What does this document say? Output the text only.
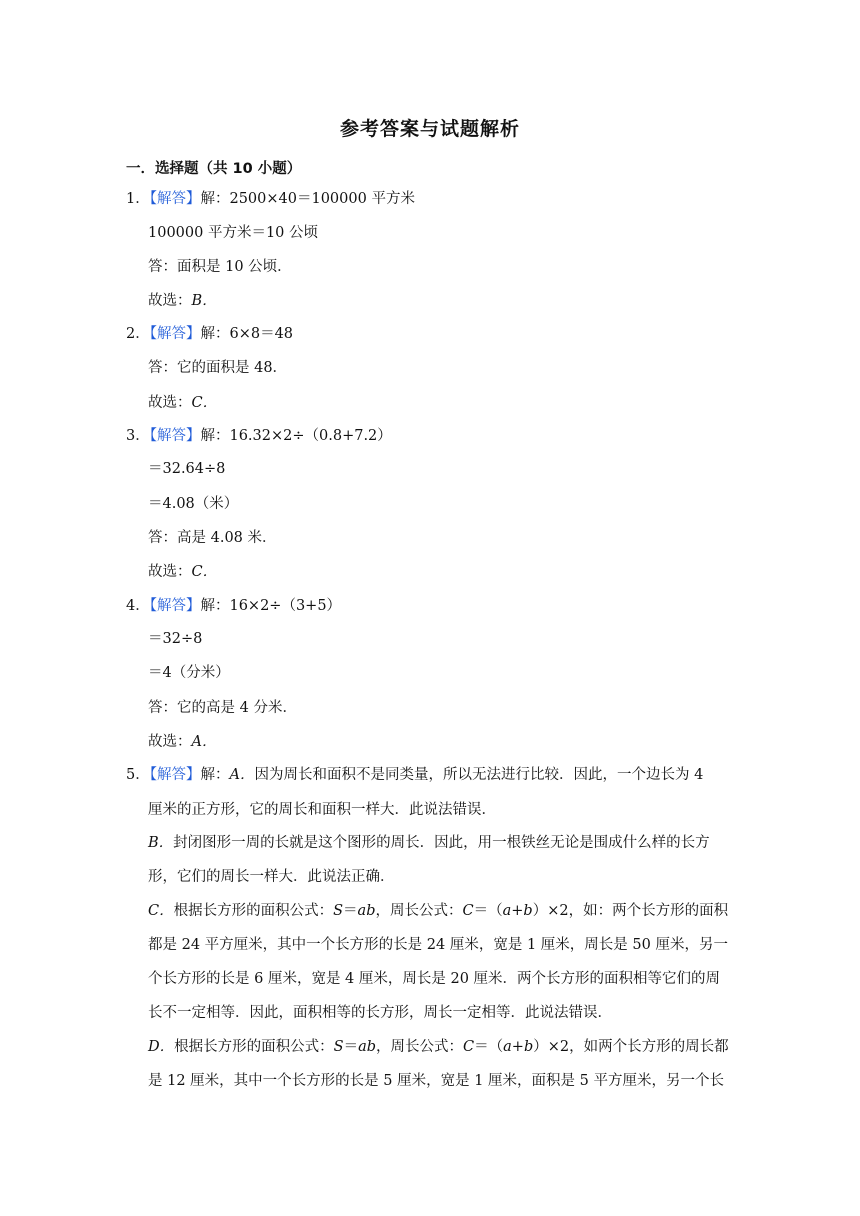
参考答案与试题解析
一．选择题（共 10 小题）
1．【解答】解：2500×40＝100000 平方米
100000 平方米＝10 公顷
答：面积是 10 公顷．
故选：B．
2．【解答】解：6×8＝48
答：它的面积是 48．
故选：C．
3．【解答】解：16.32×2÷（0.8+7.2）
＝32.64÷8
＝4.08（米）
答：高是 4.08 米．
故选：C．
4．【解答】解：16×2÷（3+5）
＝32÷8
＝4（分米）
答：它的高是 4 分米．
故选：A．
5．【解答】解：A．因为周长和面积不是同类量，所以无法进行比较．因此，一个边长为 4
厘米的正方形，它的周长和面积一样大．此说法错误．
B．封闭图形一周的长就是这个图形的周长．因此，用一根铁丝无论是围成什么样的长方
形，它们的周长一样大．此说法正确．
C．根据长方形的面积公式：S＝ab，周长公式：C＝（a+b）×2，如：两个长方形的面积
都是 24 平方厘米，其中一个长方形的长是 24 厘米，宽是 1 厘米，周长是 50 厘米，另一
个长方形的长是 6 厘米，宽是 4 厘米，周长是 20 厘米．两个长方形的面积相等它们的周
长不一定相等．因此，面积相等的长方形，周长一定相等．此说法错误．
D．根据长方形的面积公式：S＝ab，周长公式：C＝（a+b）×2，如两个长方形的周长都
是 12 厘米，其中一个长方形的长是 5 厘米，宽是 1 厘米，面积是 5 平方厘米，另一个长
